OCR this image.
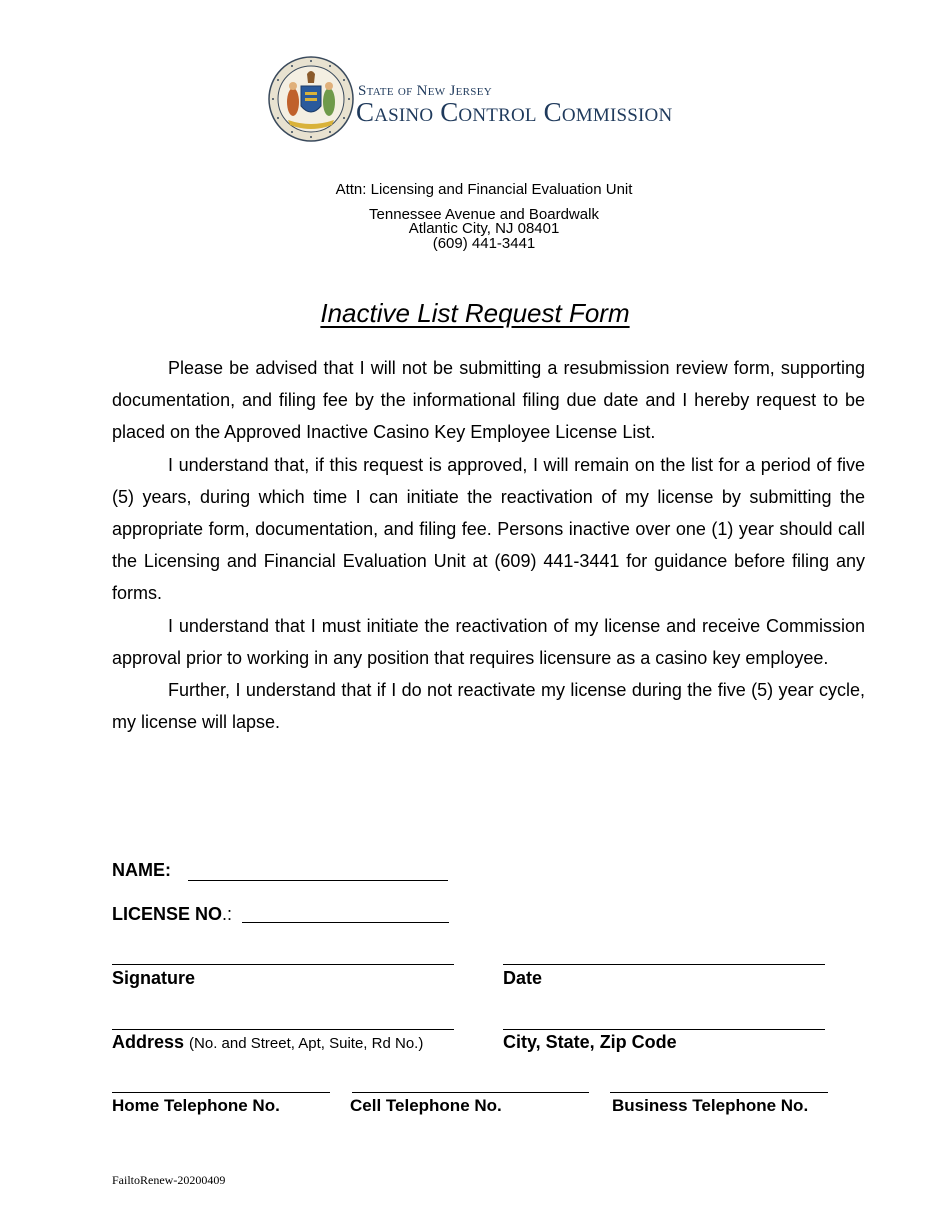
State of New Jersey
Casino Control Commission
Attn: Licensing and Financial Evaluation Unit
Tennessee Avenue and Boardwalk
Atlantic City, NJ 08401
(609) 441-3441
Inactive List Request Form

Please be advised that I will not be submitting a resubmission review form, supporting documentation, and filing fee by the informational filing due date and I hereby request to be placed on the Approved Inactive Casino Key Employee License List.

I understand that, if this request is approved, I will remain on the list for a period of five (5) years, during which time I can initiate the reactivation of my license by submitting the appropriate form, documentation, and filing fee. Persons inactive over one (1) year should call the Licensing and Financial Evaluation Unit at (609) 441-3441 for guidance before filing any forms.

I understand that I must initiate the reactivation of my license and receive Commission approval prior to working in any position that requires licensure as a casino key employee.

Further, I understand that if I do not reactivate my license during the five (5) year cycle, my license will lapse.

NAME:
LICENSE NO.:
Signature	Date
Address (No. and Street, Apt, Suite, Rd No.)	City, State, Zip Code
Home Telephone No.	Cell Telephone No.	Business Telephone No.
FailtoRenew-20200409
